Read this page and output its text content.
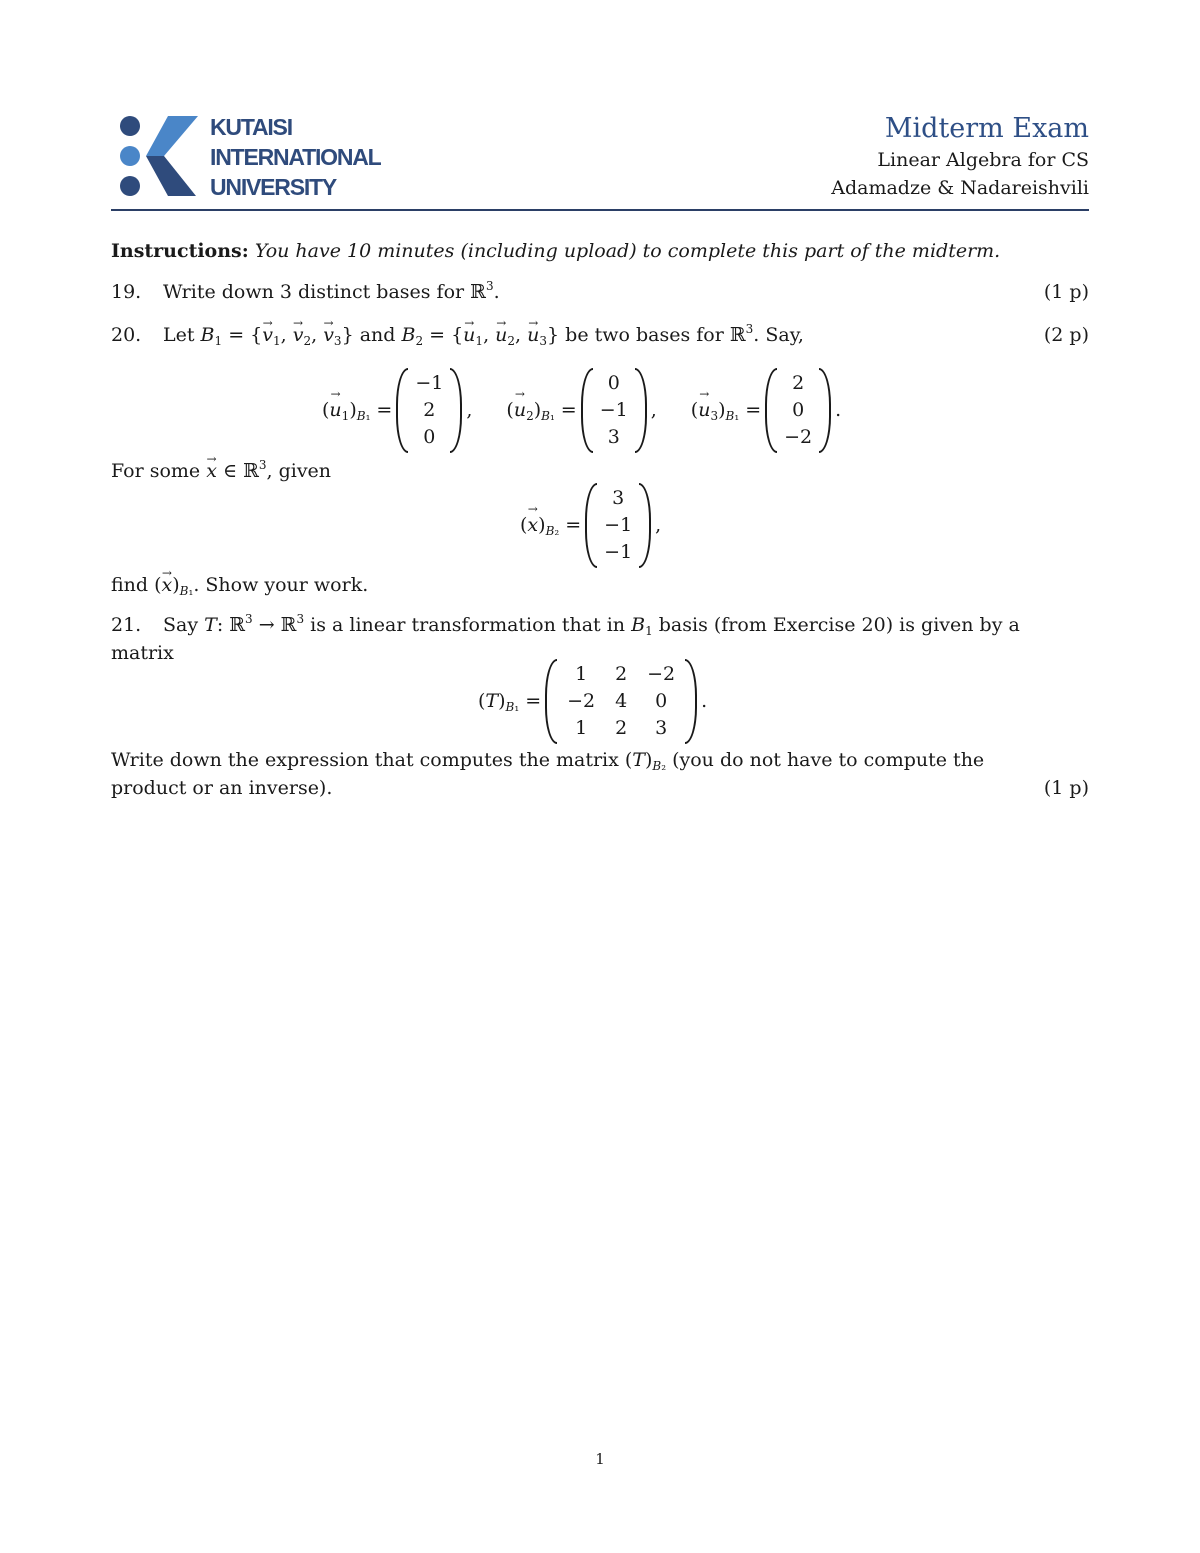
KUTAISI
INTERNATIONAL
UNIVERSITY
Midterm Exam
Linear Algebra for CS
Adamadze & Nadareishvili
Instructions: You have 10 minutes (including upload) to complete this part of the midterm.
19. Write down 3 distinct bases for ℝ$^3$.	(1 p)
20. Let $B_1$ = {→ $v_1$, → $v_2$, → $v_3$} and $B_2$ = {→ $u_1$, → $u_2$, → $u_3$} be two bases for ℝ$^3$. Say,	(2 p)
(→ $u_1)_{B_1}$ =
−1
2
0
, (→ $u_2)_{B_1}$ =
0
−1
3
, (→ $u_3)_{B_1}$ =
2
0
−2
.
For some → x ∈ ℝ$^3$, given
(→ $x)_{B_2}$ =
3
−1
−1
,
find (→ $x)_{B_1}$. Show your work.
21. Say T: ℝ$^3$ → ℝ$^3$ is a linear transformation that in $B_1$ basis (from Exercise 20) is given by a
matrix
$(T)_{B_1}$ =
1	2	−2
−2	4	0
1	2	3
.
Write down the expression that computes the matrix $(T)_{B_2}$ (you do not have to compute the
product or an inverse).	(1 p)
1
